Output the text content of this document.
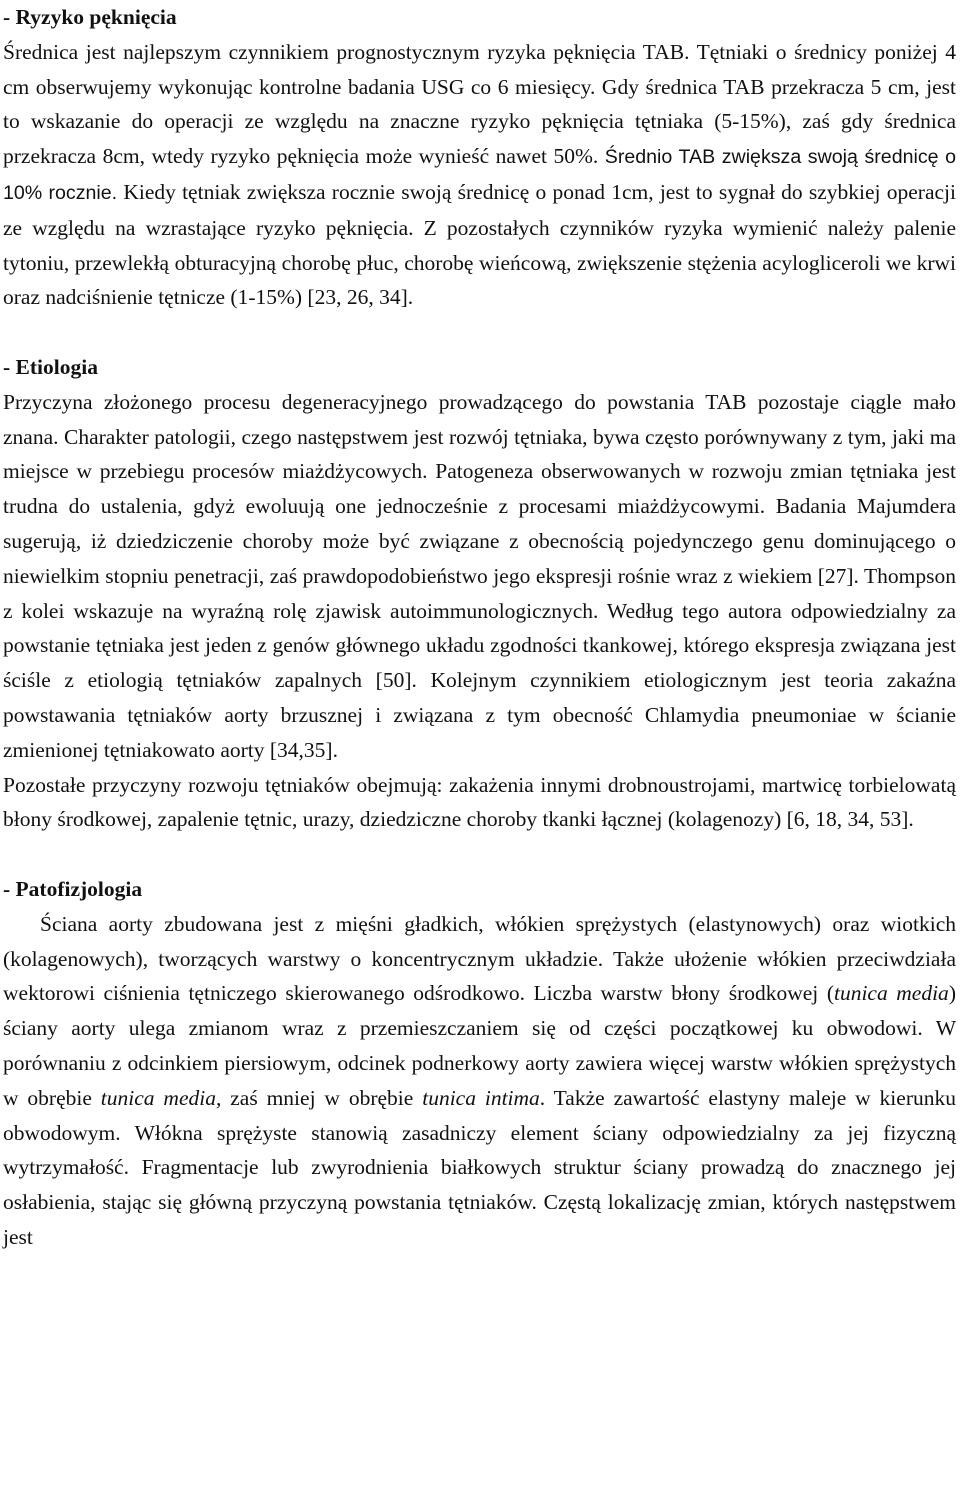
- Ryzyko pęknięcia

Średnica jest najlepszym czynnikiem prognostycznym ryzyka pęknięcia TAB. Tętniaki o średnicy poniżej 4 cm obserwujemy wykonując kontrolne badania USG co 6 miesięcy. Gdy średnica TAB przekracza 5 cm, jest to wskazanie do operacji ze względu na znaczne ryzyko pęknięcia tętniaka (5-15%), zaś gdy średnica przekracza 8cm, wtedy ryzyko pęknięcia może wynieść nawet 50%. Średnio TAB zwiększa swoją średnicę o 10% rocznie. Kiedy tętniak zwiększa rocznie swoją średnicę o ponad 1cm, jest to sygnał do szybkiej operacji ze względu na wzrastające ryzyko pęknięcia. Z pozostałych czynników ryzyka wymienić należy palenie tytoniu, przewlekłą obturacyjną chorobę płuc, chorobę wieńcową, zwiększenie stężenia acylogliceroli we krwi oraz nadciśnienie tętnicze (1-15%) [23, 26, 34].

- Etiologia

Przyczyna złożonego procesu degeneracyjnego prowadzącego do powstania TAB pozostaje ciągle mało znana. Charakter patologii, czego następstwem jest rozwój tętniaka, bywa często porównywany z tym, jaki ma miejsce w przebiegu procesów miażdżycowych. Patogeneza obserwowanych w rozwoju zmian tętniaka jest trudna do ustalenia, gdyż ewoluują one jednocześnie z procesami miażdżycowymi. Badania Majumdera sugerują, iż dziedziczenie choroby może być związane z obecnością pojedynczego genu dominującego o niewielkim stopniu penetracji, zaś prawdopodobieństwo jego ekspresji rośnie wraz z wiekiem [27]. Thompson z kolei wskazuje na wyraźną rolę zjawisk autoimmunologicznych. Według tego autora odpowiedzialny za powstanie tętniaka jest jeden z genów głównego układu zgodności tkankowej, którego ekspresja związana jest ściśle z etiologią tętniaków zapalnych [50]. Kolejnym czynnikiem etiologicznym jest teoria zakaźna powstawania tętniaków aorty brzusznej i związana z tym obecność Chlamydia pneumoniae w ścianie zmienionej tętniakowato aorty [34,35].

Pozostałe przyczyny rozwoju tętniaków obejmują: zakażenia innymi drobnoustrojami, martwicę torbielowatą błony środkowej, zapalenie tętnic, urazy, dziedziczne choroby tkanki łącznej (kolagenozy) [6, 18, 34, 53].

- Patofizjologia

Ściana aorty zbudowana jest z mięśni gładkich, włókien sprężystych (elastynowych) oraz wiotkich (kolagenowych), tworzących warstwy o koncentrycznym układzie. Także ułożenie włókien przeciwdziała wektorowi ciśnienia tętniczego skierowanego odśrodkowo. Liczba warstw błony środkowej (tunica media) ściany aorty ulega zmianom wraz z przemieszczaniem się od części początkowej ku obwodowi. W porównaniu z odcinkiem piersiowym, odcinek podnerkowy aorty zawiera więcej warstw włókien sprężystych w obrębie tunica media, zaś mniej w obrębie tunica intima. Także zawartość elastyny maleje w kierunku obwodowym. Włókna sprężyste stanowią zasadniczy element ściany odpowiedzialny za jej fizyczną wytrzymałość. Fragmentacje lub zwyrodnienia białkowych struktur ściany prowadzą do znacznego jej osłabienia, stając się główną przyczyną powstania tętniaków. Częstą lokalizację zmian, których następstwem jest
